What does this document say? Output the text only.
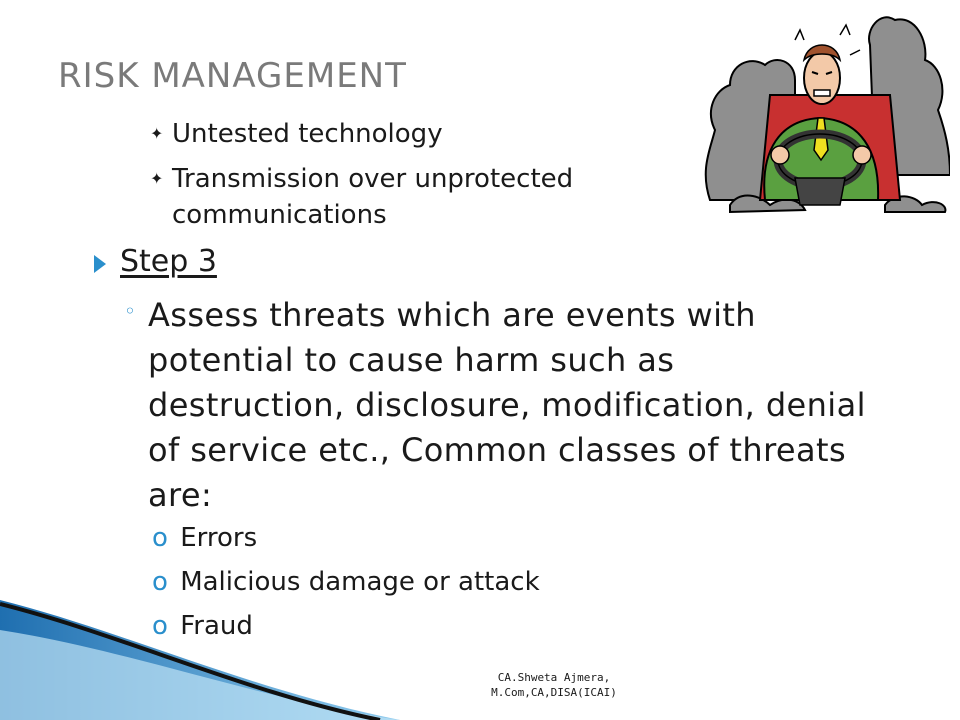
RISK MANAGEMENT
✦ Untested technology
✦ Transmission over unprotected communications
Step 3
◦ Assess threats which are events with potential to cause harm such as destruction, disclosure, modification, denial of service etc., Common classes of threats are:
o Errors
o Malicious damage or attack
o Fraud
CA.Shweta Ajmera, M.Com,CA,DISA(ICAI)
